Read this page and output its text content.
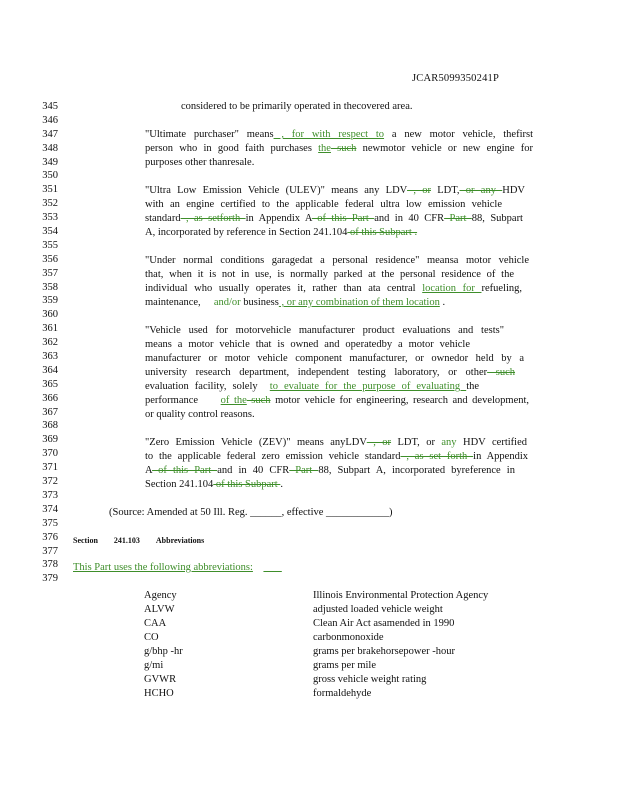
JCAR5099350241P
345
346
347
348
349
350
351
352
353
354
355
356
357
358
359
360
361
362
363
364
365
366
367
368
369
370
371
372
373
374
375
376
377
378
379
considered to be primarily operated in thecovered area.
"Ultimate purchaser" means , for with respect to a new motor vehicle, thefirst
person who in good faith purchases the such newmotor vehicle or new engine for
purposes other thanresale.
"Ultra Low Emission Vehicle (ULEV)" means any LDV , or LDT, or any HDV
with an engine certified to the applicable federal ultra low emission vehicle
standard , as setforth in Appendix A of this Part and in 40 CFR Part 88, Subpart
A, incorporated by reference in Section 241.104 of this Subpart .
"Under normal conditions garagedat a personal residence" meansa motor vehicle
that, when it is not in use, is normally parked at the personal residence of the
individual who usually operates it, rather than ata central location for refueling,
maintenance, and/or business , or any combination of them location .
"Vehicle used for motorvehicle manufacturer product evaluations and tests"
means a motor vehicle that is owned and operatedby a motor vehicle
manufacturer or motor vehicle component manufacturer, or ownedor held by a
university research department, independent testing laboratory, or other such
evaluation facility, solely to evaluate for the purpose of evaluating the
performance of the such motor vehicle for engineering, research and development,
or quality control reasons.
"Zero Emission Vehicle (ZEV)" means anyLDV , or LDT, or any HDV certified
to the applicable federal zero emission vehicle standard , as set forth in Appendix
A of this Part and in 40 CFR Part 88, Subpart A, incorporated byreference in
Section 241.104 of this Subpart .
(Source: Amended at 50 Ill. Reg. ______, effective ____________)
Section 241.103 Abbreviations
This Part uses the following abbreviations:
Agency	Illinois Environmental Protection Agency
ALVW	adjusted loaded vehicle weight
CAA	Clean Air Act asamended in 1990
CO	carbonmonoxide
g/bhp -hr	grams per brakehorsepower -hour
g/mi	grams per mile
GVWR	gross vehicle weight rating
HCHO	formaldehyde
